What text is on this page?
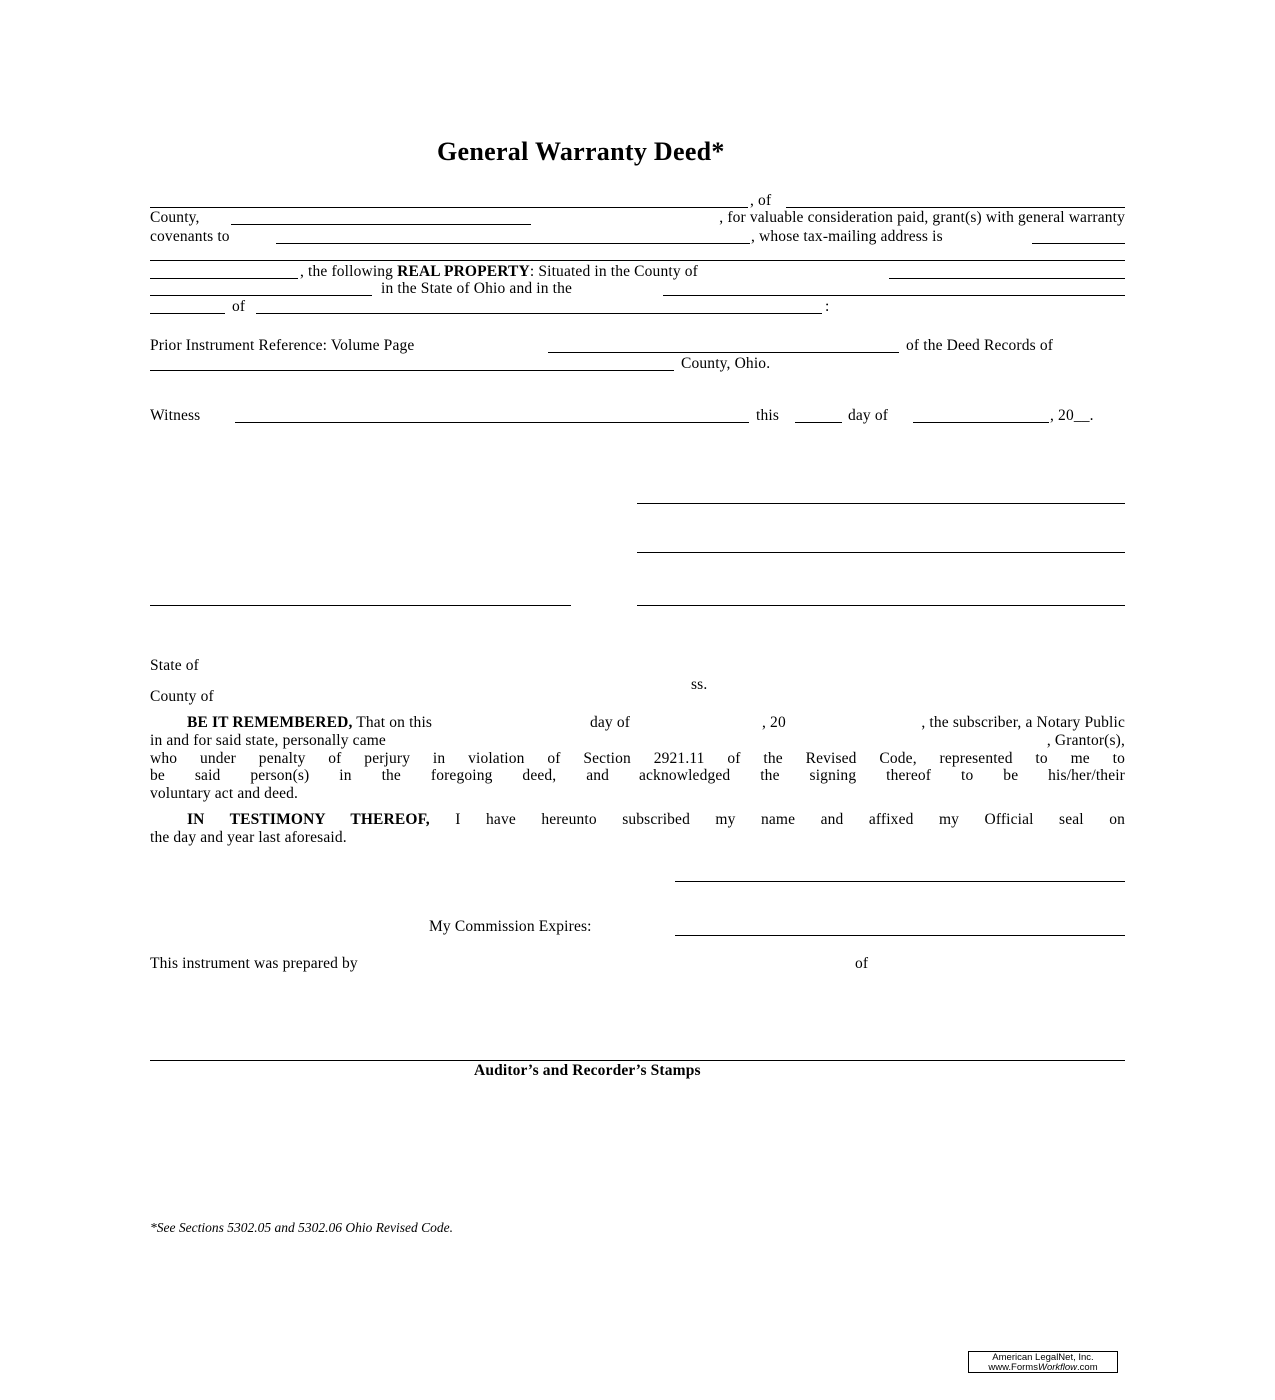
General Warranty Deed*
, of
County,	, for valuable consideration paid, grant(s) with general warranty
covenants to	, whose tax-mailing address is
, the following REAL PROPERTY: Situated in the County of
in the State of Ohio and in the
of	:
Prior Instrument Reference: Volume Page	of the Deed Records of
County, Ohio.
Witness	this	day of	, 20__.
State of
ss.
County of
BE IT REMEMBERED, That on this	day of	, 20	, the subscriber, a Notary Public
in and for said state, personally came	, Grantor(s),
who under penalty of perjury in violation of Section 2921.11 of the Revised Code, represented to me to
be said person(s) in the foregoing deed, and acknowledged the signing thereof to be his/her/their
voluntary act and deed.
IN TESTIMONY THEREOF, I have hereunto subscribed my name and affixed my Official seal on
the day and year last aforesaid.
My Commission Expires:
This instrument was prepared by	of
Auditor’s and Recorder’s Stamps
*See Sections 5302.05 and 5302.06 Ohio Revised Code.
American LegalNet, Inc.
www.FormsWorkflow.com
